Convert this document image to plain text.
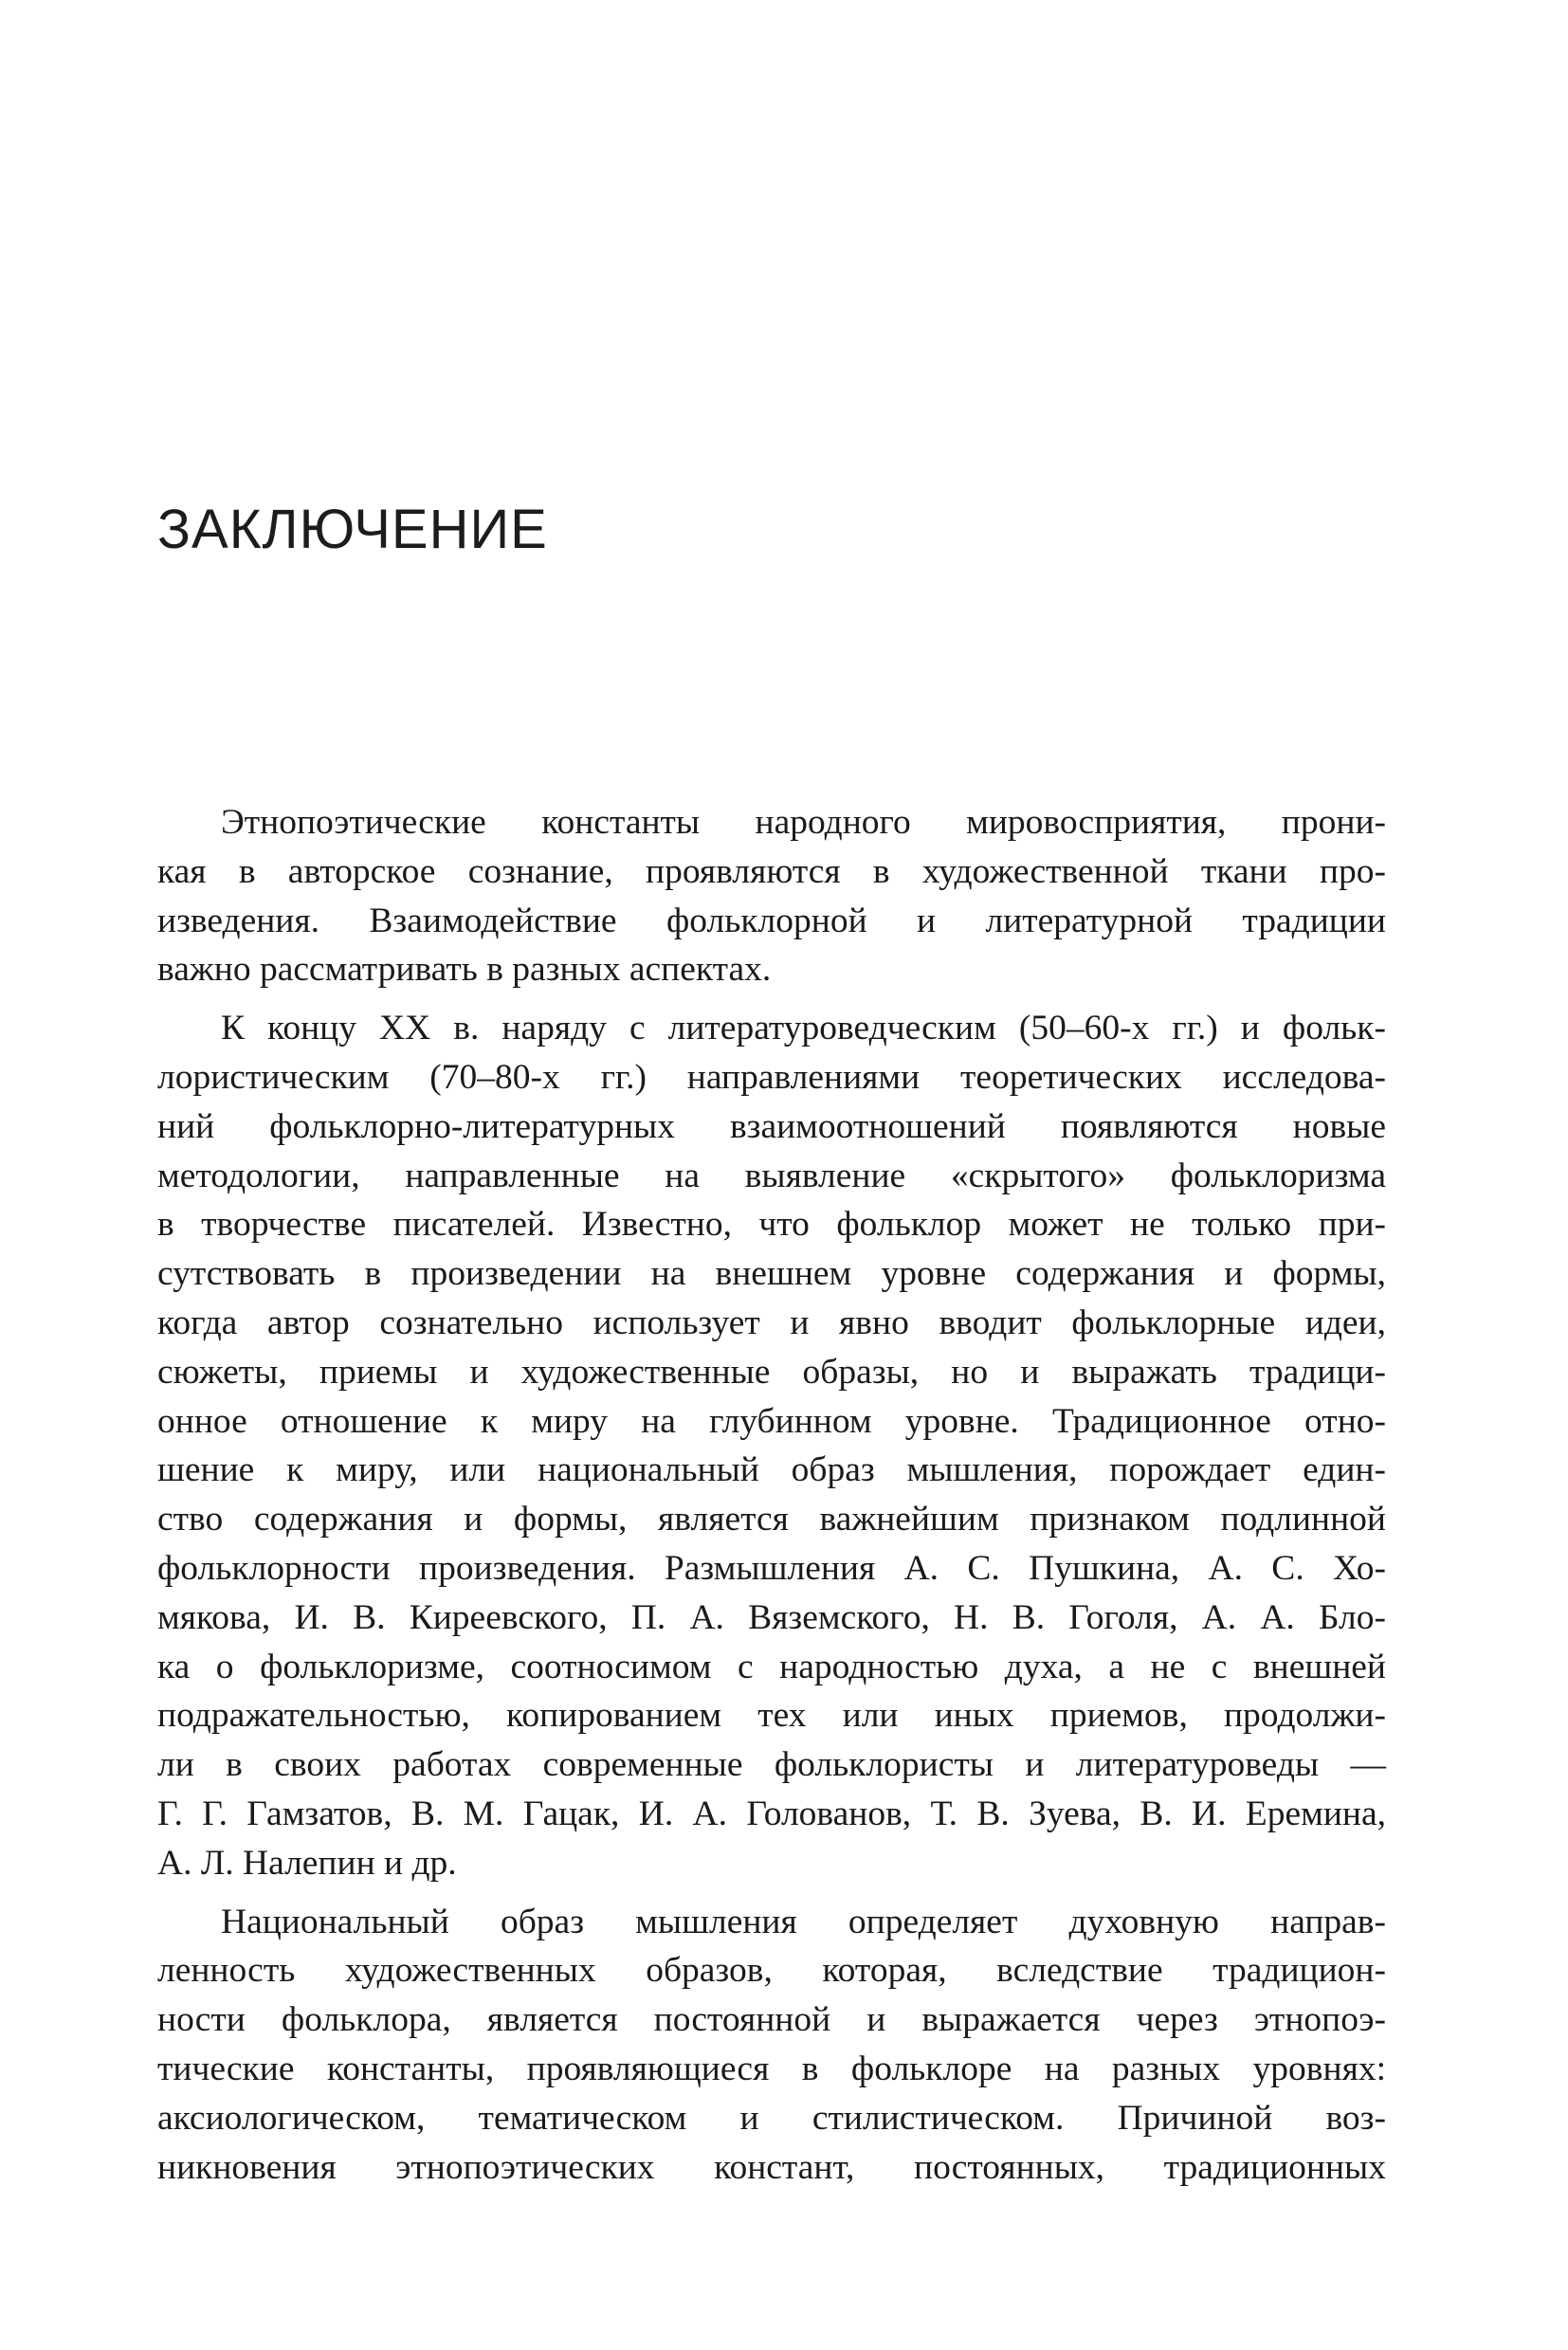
ЗАКЛЮЧЕНИЕ
Этнопоэтические константы народного мировосприятия, прони-
кая в авторское сознание, проявляются в художественной ткани про-
изведения. Взаимодействие фольклорной и литературной традиции
важно рассматривать в разных аспектах.
К концу XX в. наряду с литературоведческим (50–60-х гг.) и фольк-
лористическим (70–80-х гг.) направлениями теоретических исследова-
ний фольклорно-литературных взаимоотношений появляются новые
методологии, направленные на выявление «скрытого» фольклоризма
в творчестве писателей. Известно, что фольклор может не только при-
сутствовать в произведении на внешнем уровне содержания и формы,
когда автор сознательно использует и явно вводит фольклорные идеи,
сюжеты, приемы и художественные образы, но и выражать традици-
онное отношение к миру на глубинном уровне. Традиционное отно-
шение к миру, или национальный образ мышления, порождает един-
ство содержания и формы, является важнейшим признаком подлинной
фольклорности произведения. Размышления А. С. Пушкина, А. С. Хо-
мякова, И. В. Киреевского, П. А. Вяземского, Н. В. Гоголя, А. А. Бло-
ка о фольклоризме, соотносимом с народностью духа, а не с внешней
подражательностью, копированием тех или иных приемов, продолжи-
ли в своих работах современные фольклористы и литературоведы —
Г. Г. Гамзатов, В. М. Гацак, И. А. Голованов, Т. В. Зуева, В. И. Еремина,
А. Л. Налепин и др.
Национальный образ мышления определяет духовную направ-
ленность художественных образов, которая, вследствие традицион-
ности фольклора, является постоянной и выражается через этнопоэ-
тические константы, проявляющиеся в фольклоре на разных уровнях:
аксиологическом, тематическом и стилистическом. Причиной воз-
никновения этнопоэтических констант, постоянных, традиционных
